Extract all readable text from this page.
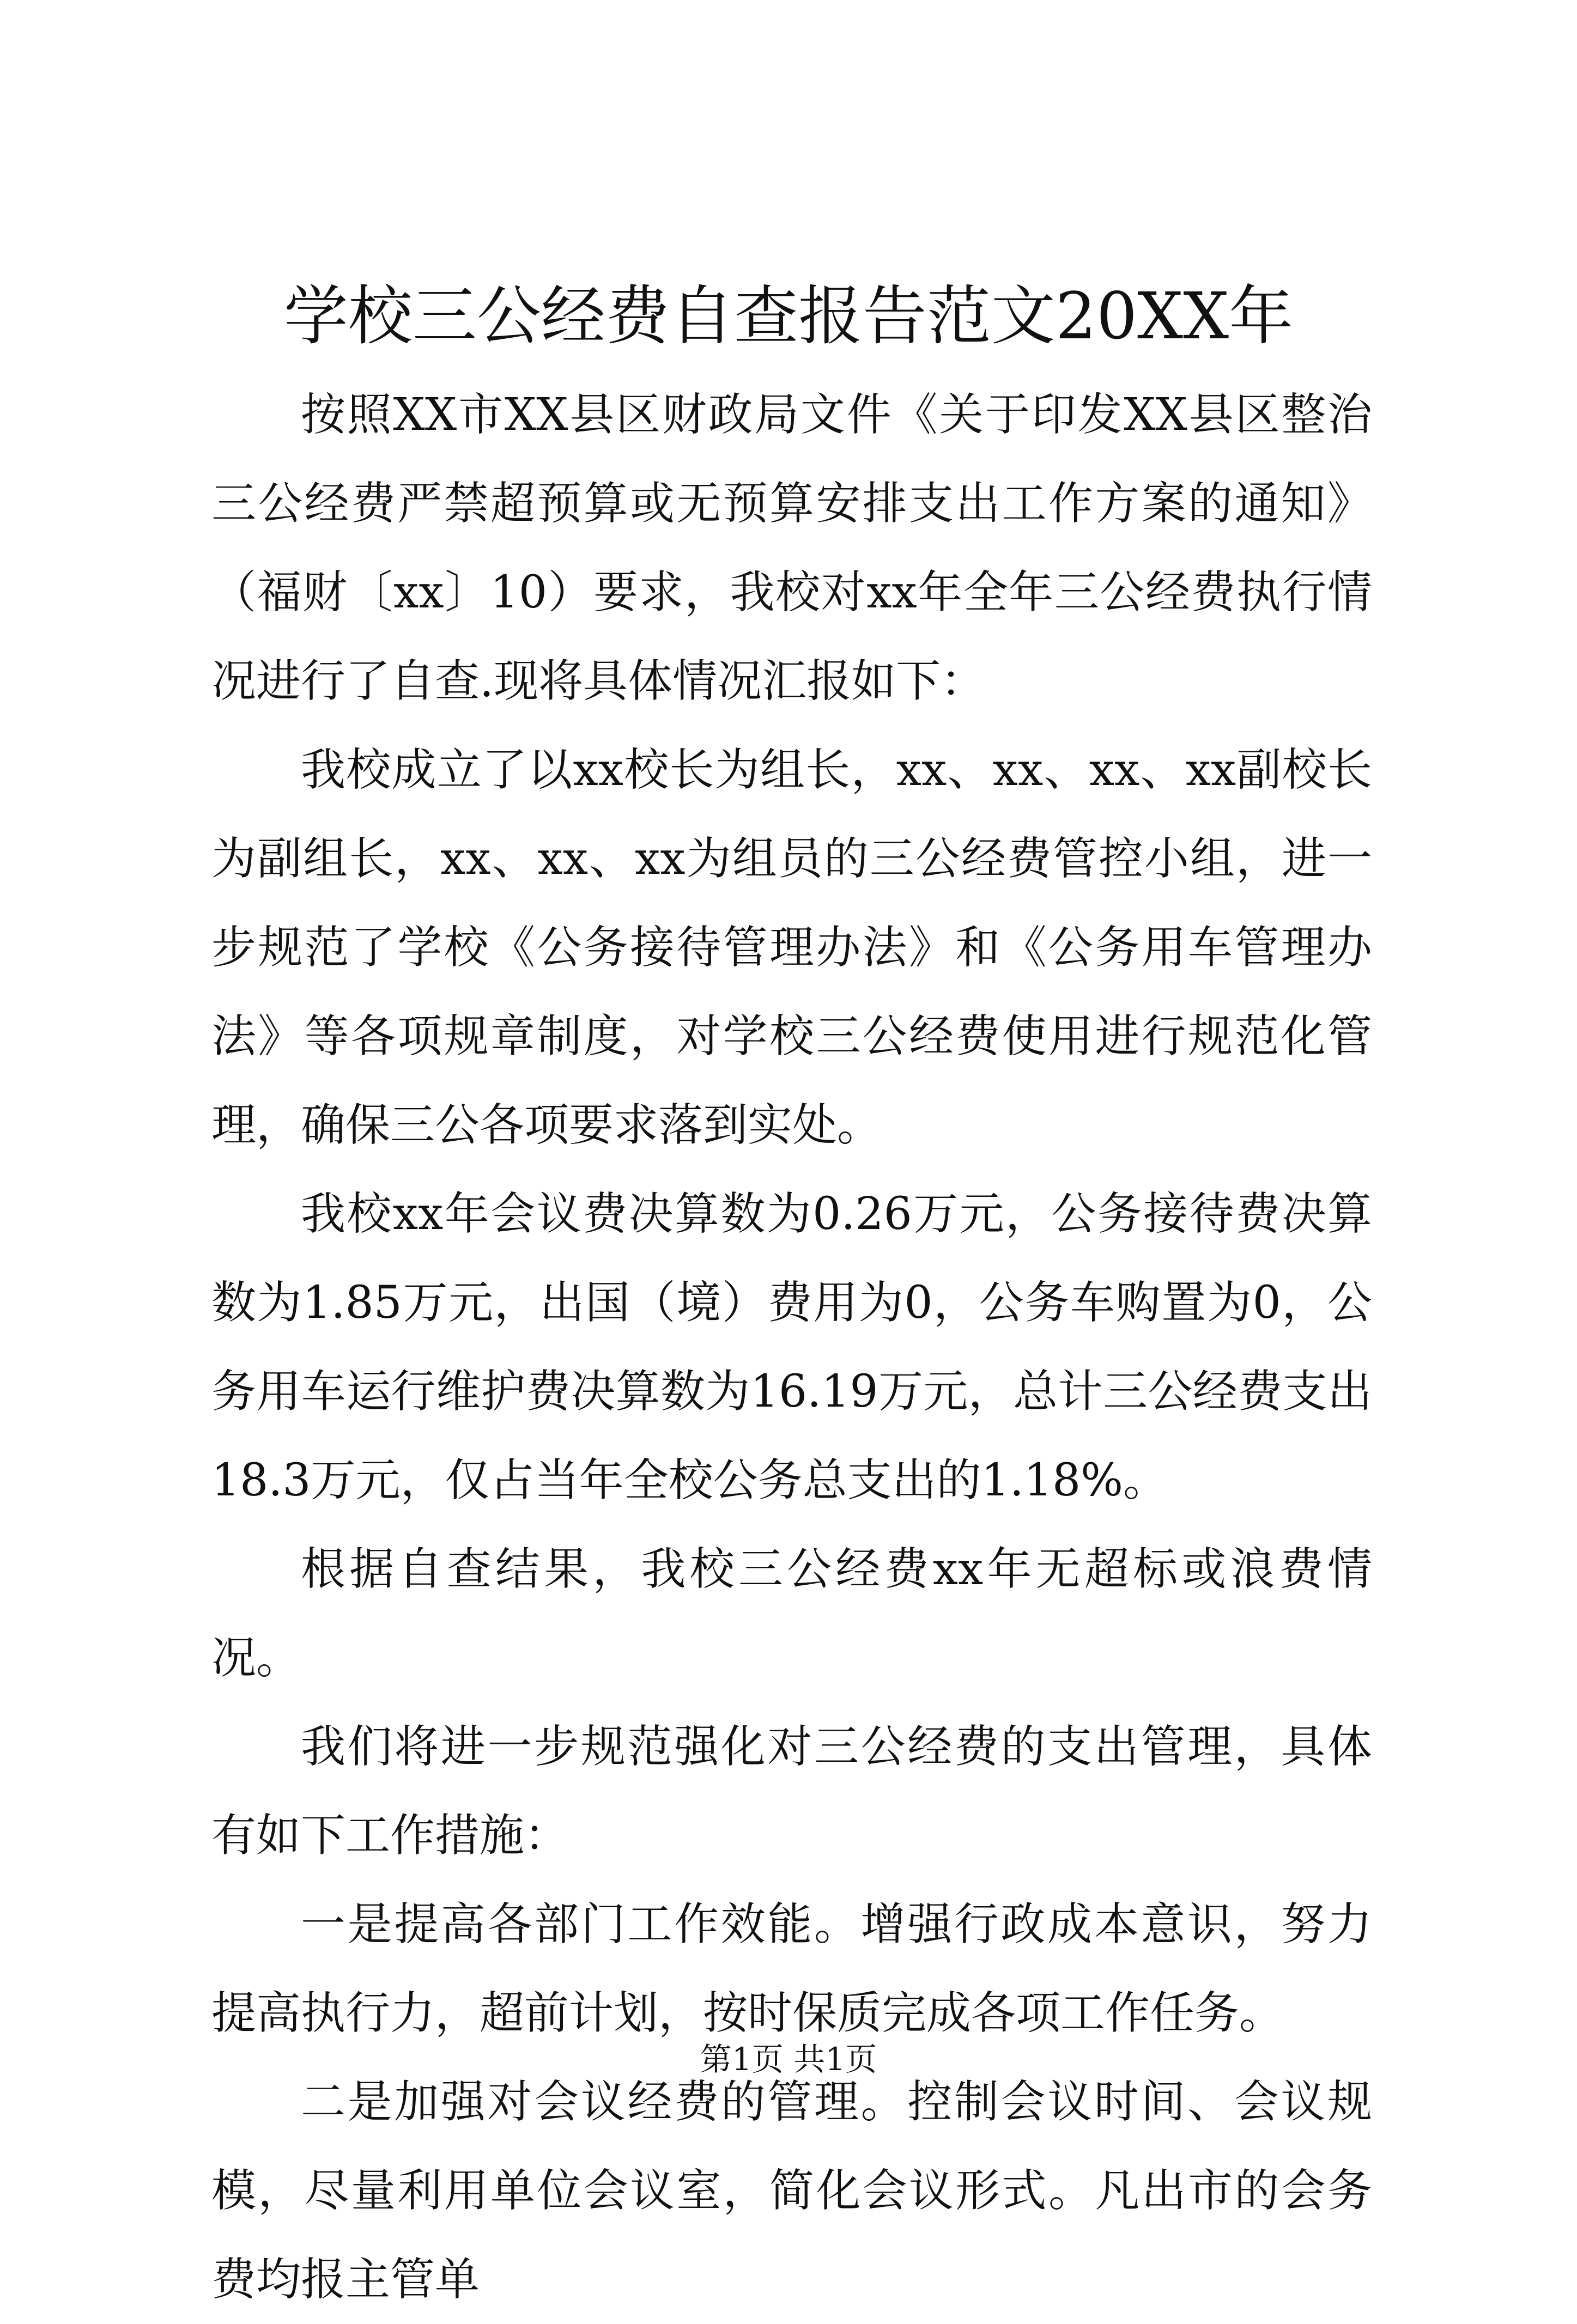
学校三公经费自查报告范文20XX年

按照XX市XX县区财政局文件《关于印发XX县区整治三公经费严禁超预算或无预算安排支出工作方案的通知》（福财〔xx〕10）要求，我校对xx年全年三公经费执行情况进行了自查.现将具体情况汇报如下：

我校成立了以xx校长为组长，xx、xx、xx、xx副校长为副组长，xx、xx、xx为组员的三公经费管控小组，进一步规范了学校《公务接待管理办法》和《公务用车管理办法》等各项规章制度，对学校三公经费使用进行规范化管理，确保三公各项要求落到实处。

我校xx年会议费决算数为0.26万元，公务接待费决算数为1.85万元，出国（境）费用为0，公务车购置为0，公务用车运行维护费决算数为16.19万元，总计三公经费支出18.3万元，仅占当年全校公务总支出的1.18%。

根据自查结果，我校三公经费xx年无超标或浪费情况。

我们将进一步规范强化对三公经费的支出管理，具体有如下工作措施：

一是提高各部门工作效能。增强行政成本意识，努力提高执行力，超前计划，按时保质完成各项工作任务。

二是加强对会议经费的管理。控制会议时间、会议规模，尽量利用单位会议室，简化会议形式。凡出市的会务费均报主管单

第1页 共1页
